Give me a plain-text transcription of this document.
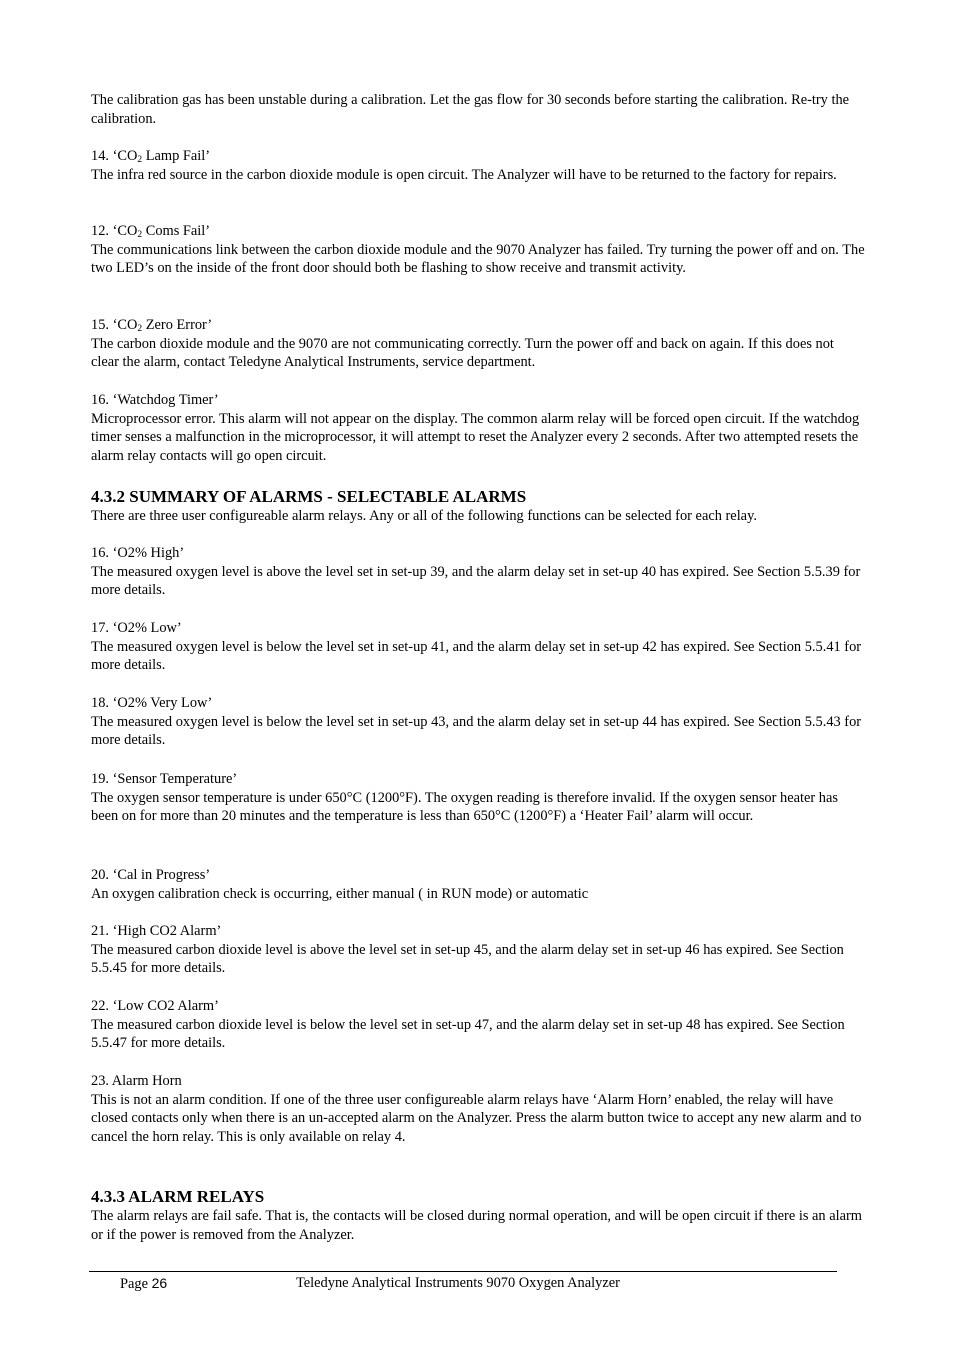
The calibration gas has been unstable during a calibration. Let the gas flow for 30 seconds before starting the calibration. Re-try the calibration.

14. ‘$CO_2$ Lamp Fail’
The infra red source in the carbon dioxide module is open circuit. The Analyzer will have to be returned to the factory for repairs.
12. ‘$CO_2$ Coms Fail’
The communications link between the carbon dioxide module and the 9070 Analyzer has failed. Try turning the power off and on. The two LED’s on the inside of the front door should both be flashing to show receive and transmit activity.
15. ‘$CO_2$ Zero Error’
The carbon dioxide module and the 9070 are not communicating correctly. Turn the power off and back on again. If this does not clear the alarm, contact Teledyne Analytical Instruments, service department.
16. ‘Watchdog Timer’
Microprocessor error. This alarm will not appear on the display. The common alarm relay will be forced open circuit. If the watchdog timer senses a malfunction in the microprocessor, it will attempt to reset the Analyzer every 2 seconds. After two attempted resets the alarm relay contacts will go open circuit.
4.3.2 SUMMARY OF ALARMS - SELECTABLE ALARMS

There are three user configureable alarm relays. Any or all of the following functions can be selected for each relay.

16. ‘O2% High’
The measured oxygen level is above the level set in set-up 39, and the alarm delay set in set-up 40 has expired. See Section 5.5.39 for more details.
17. ‘O2% Low’
The measured oxygen level is below the level set in set-up 41, and the alarm delay set in set-up 42 has expired. See Section 5.5.41 for more details.
18. ‘O2% Very Low’
The measured oxygen level is below the level set in set-up 43, and the alarm delay set in set-up 44 has expired. See Section 5.5.43 for more details.
19. ‘Sensor Temperature’
The oxygen sensor temperature is under 650°C (1200°F). The oxygen reading is therefore invalid. If the oxygen sensor heater has been on for more than 20 minutes and the temperature is less than 650°C (1200°F) a ‘Heater Fail’ alarm will occur.
20. ‘Cal in Progress’
An oxygen calibration check is occurring, either manual ( in RUN mode) or automatic
21. ‘High CO2 Alarm’
The measured carbon dioxide level is above the level set in set-up 45, and the alarm delay set in set-up 46 has expired. See Section 5.5.45 for more details.
22. ‘Low CO2 Alarm’
The measured carbon dioxide level is below the level set in set-up 47, and the alarm delay set in set-up 48 has expired. See Section 5.5.47 for more details.
23. Alarm Horn
This is not an alarm condition. If one of the three user configureable alarm relays have ‘Alarm Horn’ enabled, the relay will have closed contacts only when there is an un-accepted alarm on the Analyzer. Press the alarm button twice to accept any new alarm and to cancel the horn relay. This is only available on relay 4.
4.3.3 ALARM RELAYS

The alarm relays are fail safe. That is, the contacts will be closed during normal operation, and will be open circuit if there is an alarm or if the power is removed from the Analyzer.

Page 26	Teledyne Analytical Instruments 9070 Oxygen Analyzer
